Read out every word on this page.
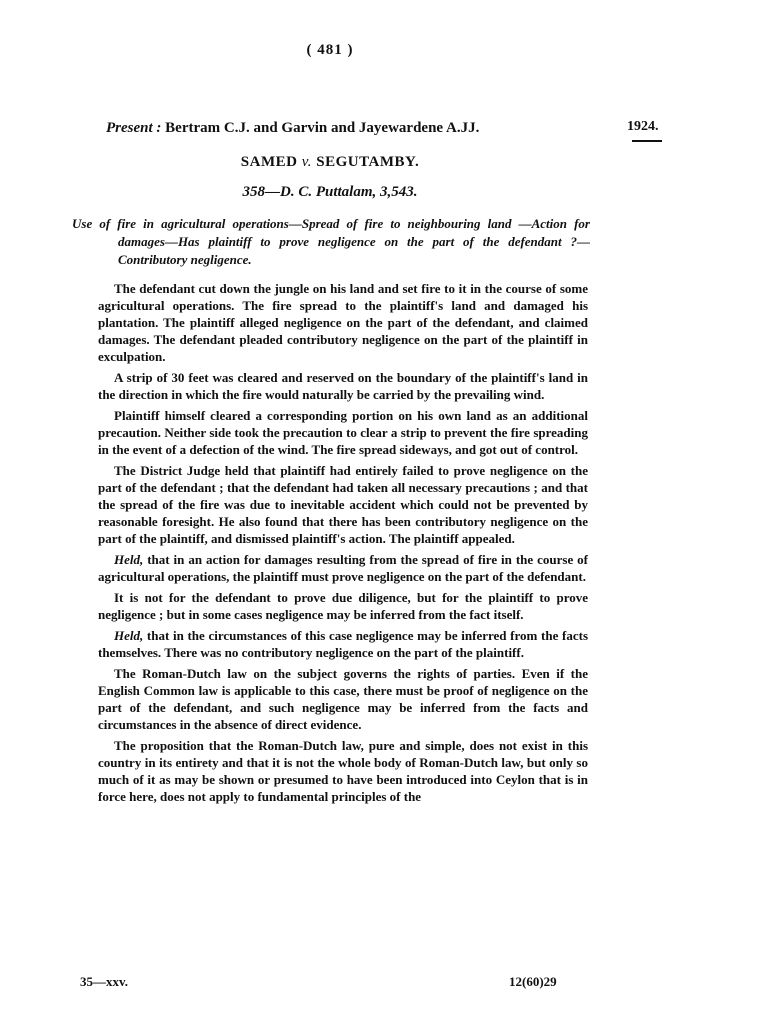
( 481 )
Present : Bertram C.J. and Garvin and Jayewardene A.JJ.	1924.
SAMED v. SEGUTAMBY.
358—D. C. Puttalam, 3,543.
Use of fire in agricultural operations—Spread of fire to neighbouring land —Action for damages—Has plaintiff to prove negligence on the part of the defendant ?—Contributory negligence.

The defendant cut down the jungle on his land and set fire to it in the course of some agricultural operations. The fire spread to the plaintiff's land and damaged his plantation. The plaintiff alleged negligence on the part of the defendant, and claimed damages. The defendant pleaded contributory negligence on the part of the plaintiff in exculpation.

A strip of 30 feet was cleared and reserved on the boundary of the plaintiff's land in the direction in which the fire would naturally be carried by the prevailing wind.

Plaintiff himself cleared a corresponding portion on his own land as an additional precaution. Neither side took the precaution to clear a strip to prevent the fire spreading in the event of a defection of the wind. The fire spread sideways, and got out of control.

The District Judge held that plaintiff had entirely failed to prove negligence on the part of the defendant ; that the defendant had taken all necessary precautions ; and that the spread of the fire was due to inevitable accident which could not be prevented by reasonable foresight. He also found that there has been contributory negligence on the part of the plaintiff, and dismissed plaintiff's action. The plaintiff appealed.

Held, that in an action for damages resulting from the spread of fire in the course of agricultural operations, the plaintiff must prove negligence on the part of the defendant.

It is not for the defendant to prove due diligence, but for the plaintiff to prove negligence ; but in some cases negligence may be inferred from the fact itself.

Held, that in the circumstances of this case negligence may be inferred from the facts themselves. There was no contributory negligence on the part of the plaintiff.

The Roman-Dutch law on the subject governs the rights of parties. Even if the English Common law is applicable to this case, there must be proof of negligence on the part of the defendant, and such negligence may be inferred from the facts and circumstances in the absence of direct evidence.

The proposition that the Roman-Dutch law, pure and simple, does not exist in this country in its entirety and that it is not the whole body of Roman-Dutch law, but only so much of it as may be shown or presumed to have been introduced into Ceylon that is in force here, does not apply to fundamental principles of the

35—xxv.	12(60)29
